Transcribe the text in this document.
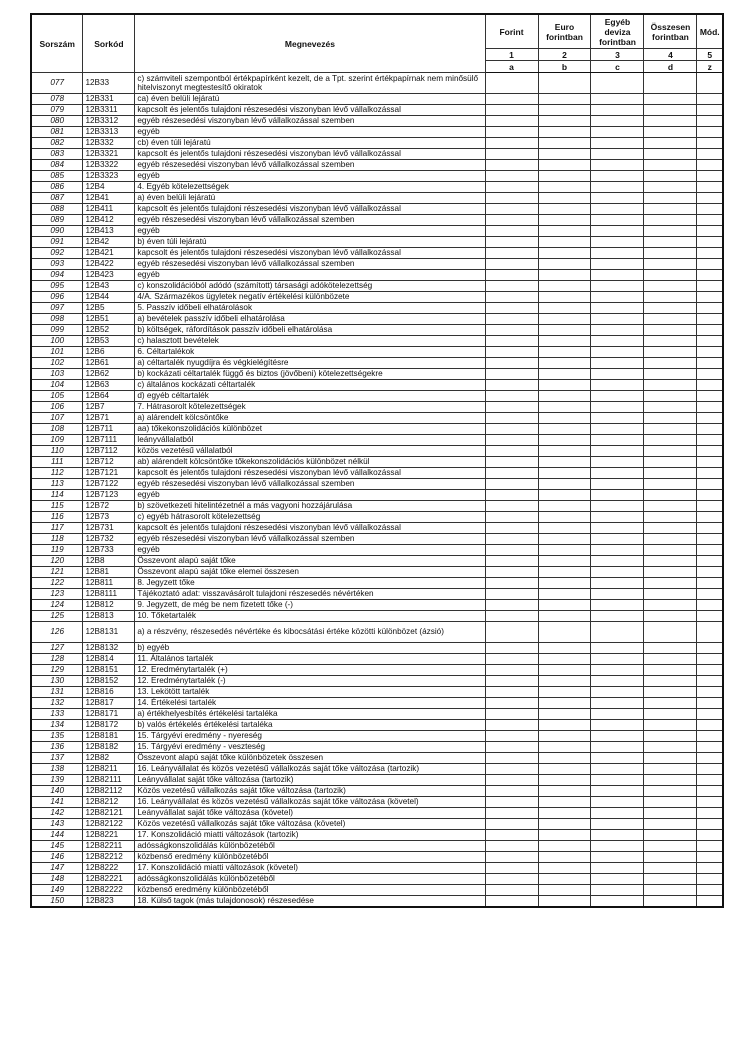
Sorszám	Sorkód	Megnevezés	Forint	Euro forintban	Egyéb deviza forintban	Összesen forintban	Mód.
			1	2	3	4	5
			a	b	c	d	z
077	12B33	c) számviteli szempontból értékpapírként kezelt, de a Tpt. szerint értékpapírnak nem minősülő hitelviszonyt megtestesítő okiratok					
078	12B331	ca) éven belüli lejáratú					
079	12B3311	kapcsolt és jelentős tulajdoni részesedési viszonyban lévő vállalkozással					
080	12B3312	egyéb részesedési viszonyban lévő vállalkozással szemben					
081	12B3313	egyéb					
082	12B332	cb) éven túli lejáratú					
083	12B3321	kapcsolt és jelentős tulajdoni részesedési viszonyban lévő vállalkozással					
084	12B3322	egyéb részesedési viszonyban lévő vállalkozással szemben					
085	12B3323	egyéb					
086	12B4	4. Egyéb kötelezettségek					
087	12B41	a) éven belüli lejáratú					
088	12B411	kapcsolt és jelentős tulajdoni részesedési viszonyban lévő vállalkozással					
089	12B412	egyéb részesedési viszonyban lévő vállalkozással szemben					
090	12B413	egyéb					
091	12B42	b) éven túli lejáratú					
092	12B421	kapcsolt és jelentős tulajdoni részesedési viszonyban lévő vállalkozással					
093	12B422	egyéb részesedési viszonyban lévő vállalkozással szemben					
094	12B423	egyéb					
095	12B43	c) konszolidációból adódó (számított) társasági adókötelezettség					
096	12B44	4/A. Származékos ügyletek negatív értékelési különbözete					
097	12B5	5. Passzív időbeli elhatárolások					
098	12B51	a) bevételek passzív időbeli elhatárolása					
099	12B52	b) költségek, ráfordítások passzív időbeli elhatárolása					
100	12B53	c) halasztott bevételek					
101	12B6	6. Céltartalékok					
102	12B61	a) céltartalék nyugdíjra és végkielégítésre					
103	12B62	b) kockázati céltartalék függő és biztos (jövőbeni) kötelezettségekre					
104	12B63	c) általános kockázati céltartalék					
105	12B64	d) egyéb céltartalék					
106	12B7	7. Hátrasorolt kötelezettségek					
107	12B71	a) alárendelt kölcsöntőke					
108	12B711	aa) tőkekonszolidációs különbözet					
109	12B7111	leányvállalatból					
110	12B7112	közös vezetésű vállalatból					
111	12B712	ab) alárendelt kölcsöntőke tőkekonszolidációs különbözet nélkül					
112	12B7121	kapcsolt és jelentős tulajdoni részesedési viszonyban lévő vállalkozással					
113	12B7122	egyéb részesedési viszonyban lévő vállalkozással szemben					
114	12B7123	egyéb					
115	12B72	b) szövetkezeti hitelintézetnél a más vagyoni hozzájárulása					
116	12B73	c) egyéb hátrasorolt kötelezettség					
117	12B731	kapcsolt és jelentős tulajdoni részesedési viszonyban lévő vállalkozással					
118	12B732	egyéb részesedési viszonyban lévő vállalkozással szemben					
119	12B733	egyéb					
120	12B8	Összevont alapú saját tőke					
121	12B81	Összevont alapú saját tőke elemei összesen					
122	12B811	8. Jegyzett tőke					
123	12B8111	Tájékoztató adat: visszavásárolt tulajdoni részesedés névértéken					
124	12B812	9. Jegyzett, de még be nem fizetett tőke (-)					
125	12B813	10. Tőketartalék					
126	12B8131	a) a részvény, részesedés névértéke és kibocsátási értéke közötti különbözet (ázsió)					
127	12B8132	b) egyéb					
128	12B814	11. Általános tartalék					
129	12B8151	12. Eredménytartalék (+)					
130	12B8152	12. Eredménytartalék (-)					
131	12B816	13. Lekötött tartalék					
132	12B817	14. Értékelési tartalék					
133	12B8171	a) értékhelyesbítés értékelési tartaléka					
134	12B8172	b) valós értékelés értékelési tartaléka					
135	12B8181	15. Tárgyévi eredmény - nyereség					
136	12B8182	15. Tárgyévi eredmény - veszteség					
137	12B82	Összevont alapú saját tőke különbözetek összesen					
138	12B8211	16. Leányvállalat és közös vezetésű vállalkozás saját tőke változása (tartozik)					
139	12B82111	Leányvállalat saját tőke változása (tartozik)					
140	12B82112	Közös vezetésű vállalkozás saját tőke változása (tartozik)					
141	12B8212	16. Leányvállalat és közös vezetésű vállalkozás saját tőke változása (követel)					
142	12B82121	Leányvállalat saját tőke változása (követel)					
143	12B82122	Közös vezetésű vállalkozás saját tőke változása (követel)					
144	12B8221	17. Konszolidáció miatti változások (tartozik)					
145	12B82211	adósságkonszolidálás különbözetéből					
146	12B82212	közbenső eredmény különbözetéből					
147	12B8222	17. Konszolidáció miatti változások (követel)					
148	12B82221	adósságkonszolidálás különbözetéből					
149	12B82222	közbenső eredmény különbözetéből					
150	12B823	18. Külső tagok (más tulajdonosok) részesedése					
